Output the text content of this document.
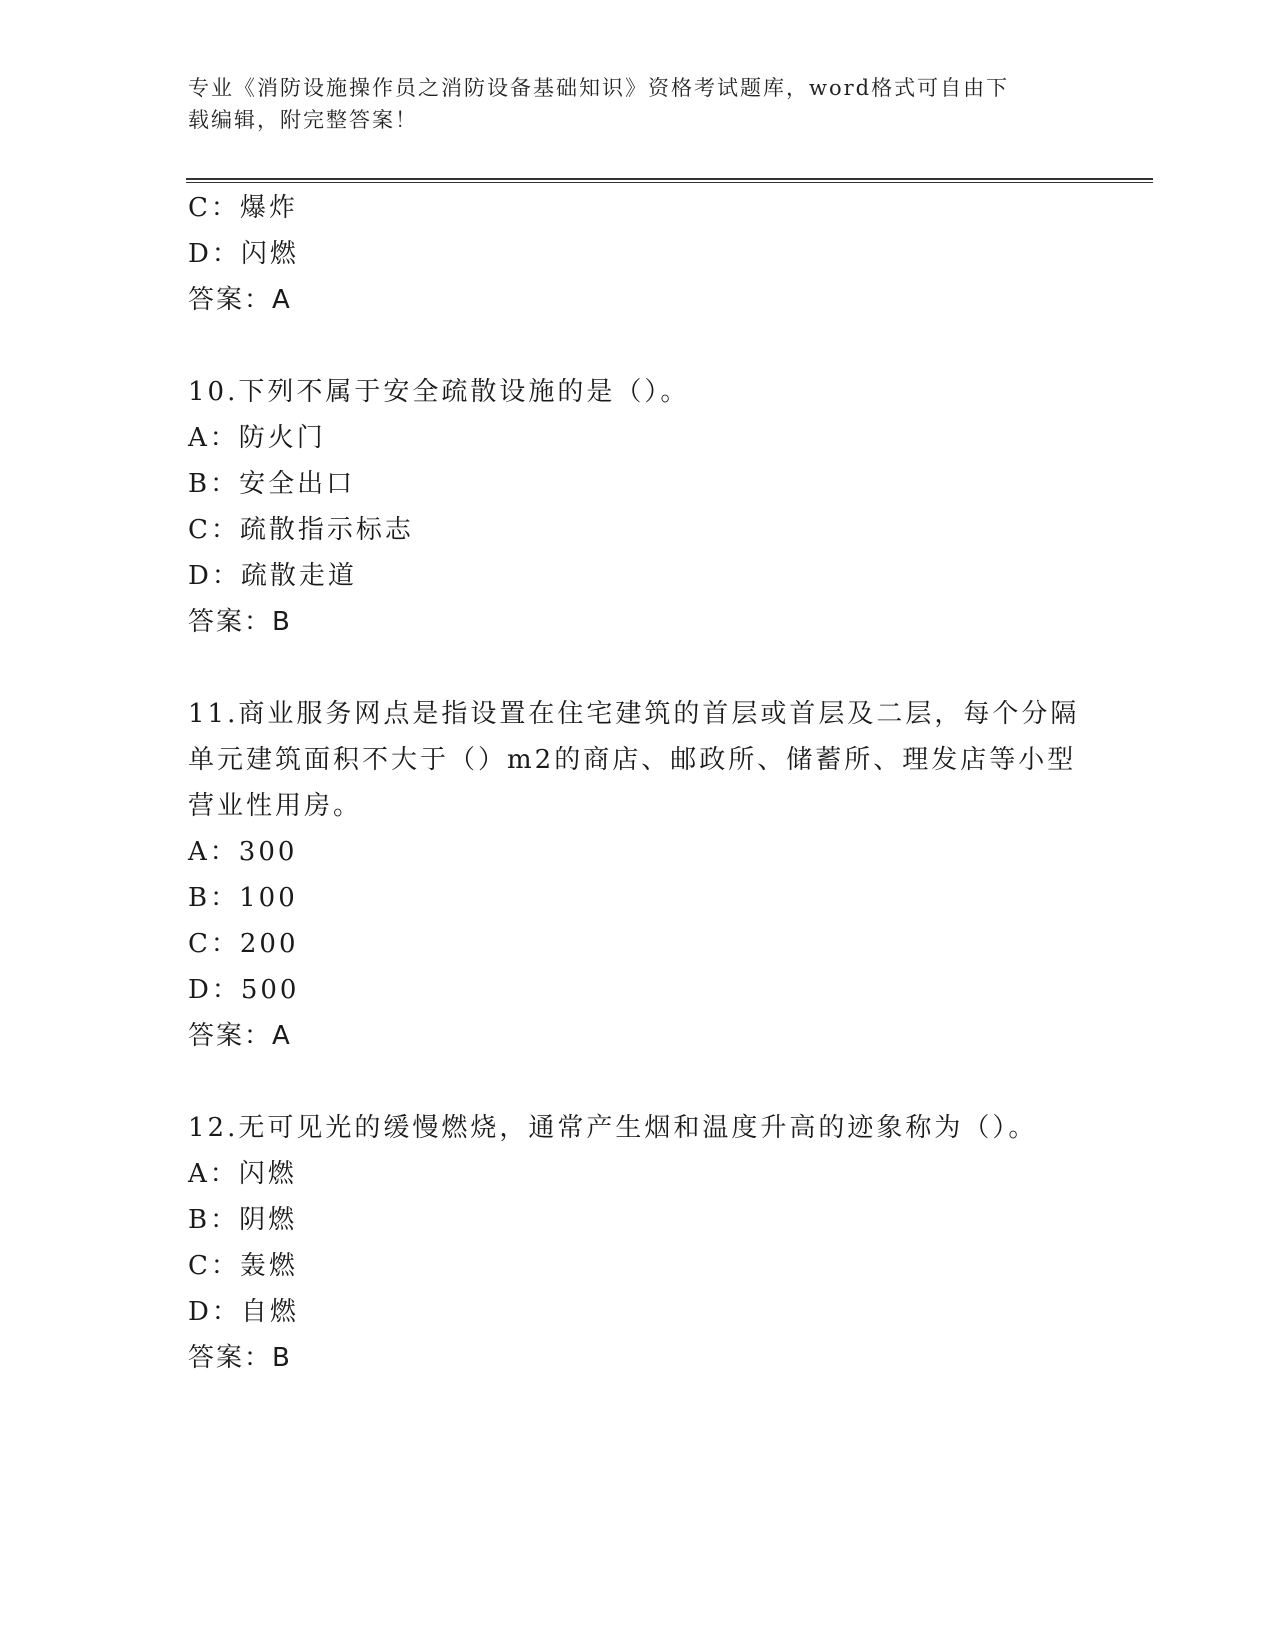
专业《消防设施操作员之消防设备基础知识》资格考试题库，word格式可自由下

载编辑，附完整答案！

C：爆炸
D：闪燃
答案：A
10.下列不属于安全疏散设施的是（）。
A：防火门
B：安全出口
C：疏散指示标志
D：疏散走道
答案：B
11.商业服务网点是指设置在住宅建筑的首层或首层及二层，每个分隔
单元建筑面积不大于（）m2的商店、邮政所、储蓄所、理发店等小型
营业性用房。
A：300
B：100
C：200
D：500
答案：A
12.无可见光的缓慢燃烧，通常产生烟和温度升高的迹象称为（）。
A：闪燃
B：阴燃
C：轰燃
D：自燃
答案：B
